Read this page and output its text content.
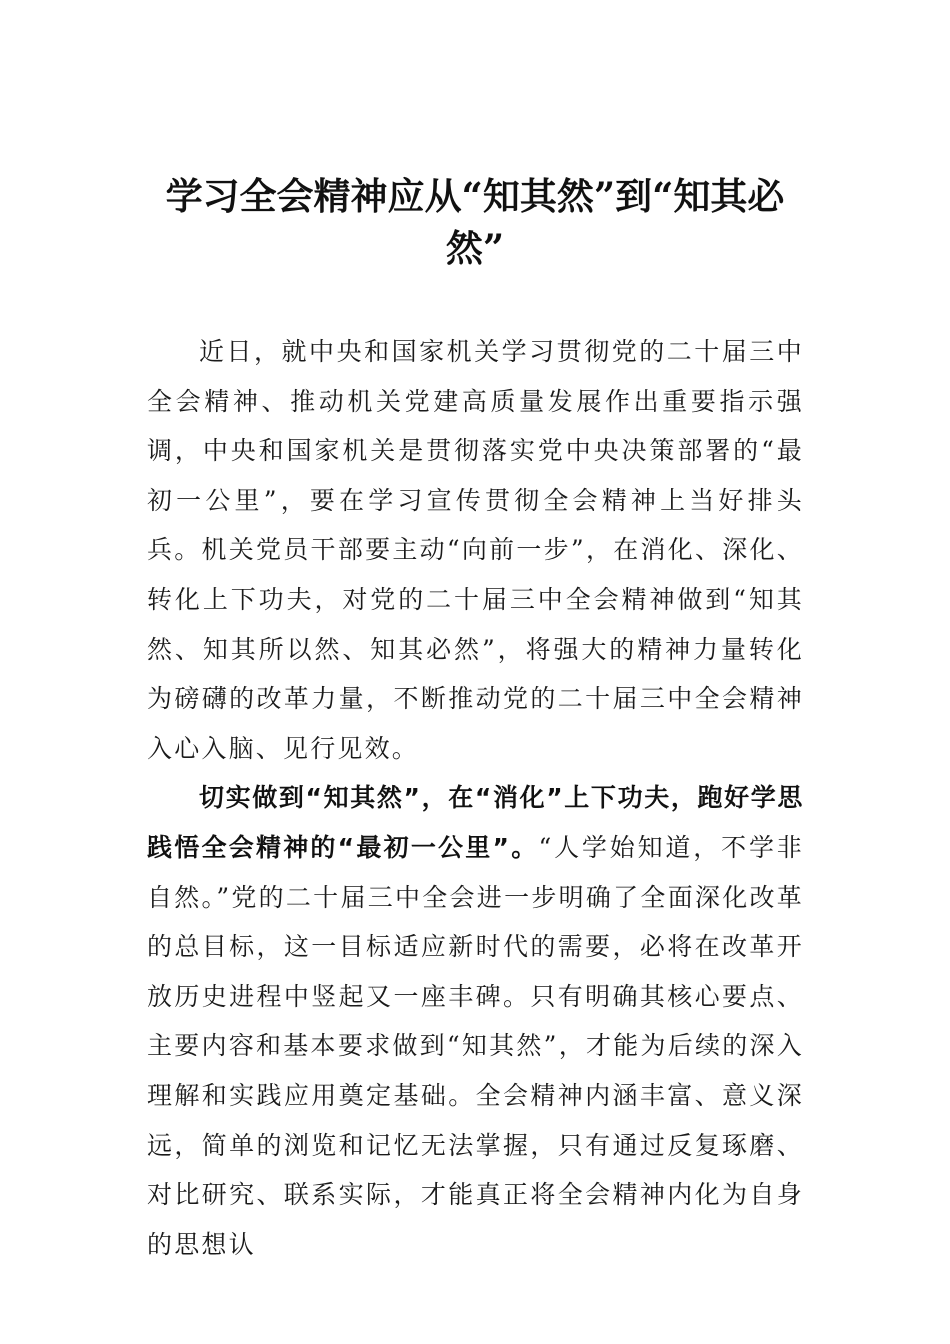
学习全会精神应从“知其然”到“知其必然”

近日，就中央和国家机关学习贯彻党的二十届三中全会精神、推动机关党建高质量发展作出重要指示强调，中央和国家机关是贯彻落实党中央决策部署的“最初一公里”，要在学习宣传贯彻全会精神上当好排头兵。机关党员干部要主动“向前一步”，在消化、深化、转化上下功夫，对党的二十届三中全会精神做到“知其然、知其所以然、知其必然”，将强大的精神力量转化为磅礴的改革力量，不断推动党的二十届三中全会精神入心入脑、见行见效。

切实做到“知其然”，在“消化”上下功夫，跑好学思践悟全会精神的“最初一公里”。“人学始知道，不学非自然。”党的二十届三中全会进一步明确了全面深化改革的总目标，这一目标适应新时代的需要，必将在改革开放历史进程中竖起又一座丰碑。只有明确其核心要点、主要内容和基本要求做到“知其然”，才能为后续的深入理解和实践应用奠定基础。全会精神内涵丰富、意义深远，简单的浏览和记忆无法掌握，只有通过反复琢磨、对比研究、联系实际，才能真正将全会精神内化为自身的思想认
